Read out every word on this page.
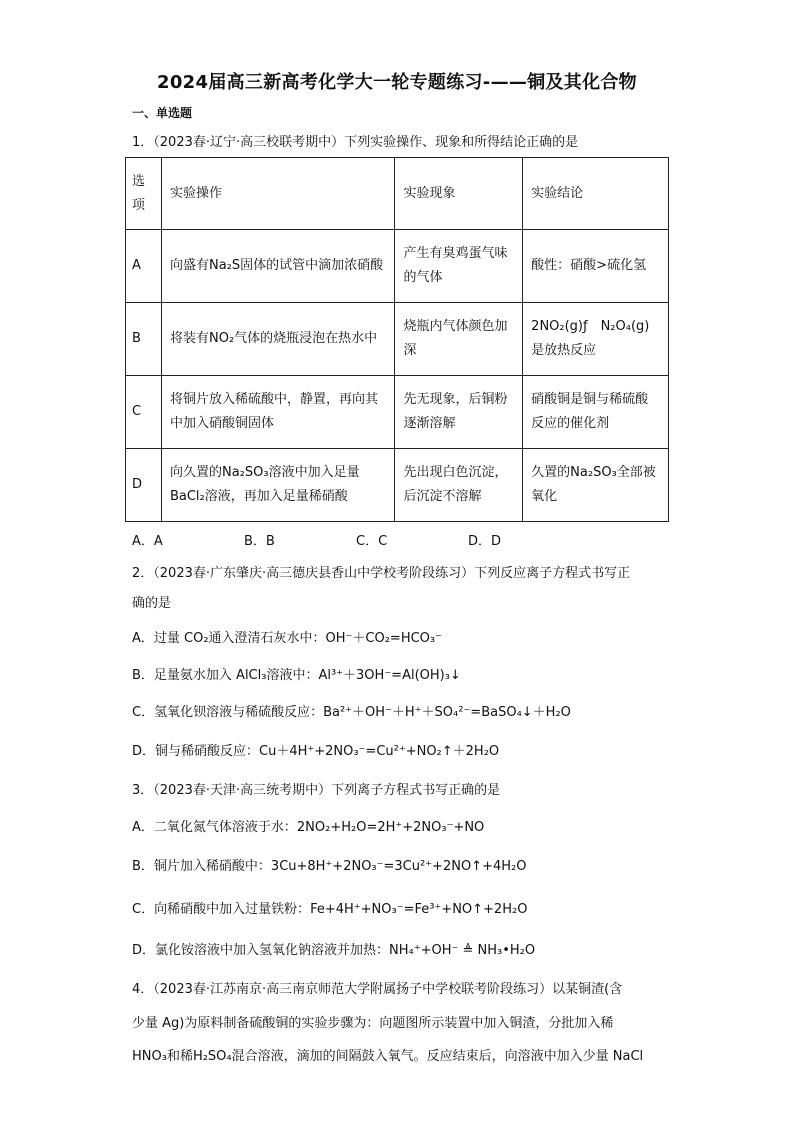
2024届高三新高考化学大一轮专题练习-——铜及其化合物
一、单选题
1．（2023春·辽宁·高三校联考期中）下列实验操作、现象和所得结论正确的是
选项	实验操作	实验现象	实验结论
A	向盛有Na₂S固体的试管中滴加浓硝酸	产生有臭鸡蛋气味的气体	酸性：硝酸>硫化氢
B	将装有NO₂气体的烧瓶浸泡在热水中	烧瓶内气体颜色加深	2NO₂(g)ƒ　N₂O₄(g)是放热反应
C	将铜片放入稀硫酸中，静置，再向其中加入硝酸铜固体	先无现象，后铜粉逐渐溶解	硝酸铜是铜与稀硫酸反应的催化剂
D	向久置的Na₂SO₃溶液中加入足量BaCl₂溶液，再加入足量稀硝酸	先出现白色沉淀，后沉淀不溶解	久置的Na₂SO₃全部被氧化
A．A	B．B	C．C	D．D
2．（2023春·广东肇庆·高三德庆县香山中学校考阶段练习）下列反应离子方程式书写正
确的是
A．过量 CO₂通入澄清石灰水中：OH⁻＋CO₂=HCO₃⁻
B．足量氨水加入 AlCl₃溶液中：Al³⁺＋3OH⁻=Al(OH)₃↓
C．氢氧化钡溶液与稀硫酸反应：Ba²⁺＋OH⁻＋H⁺＋SO₄²⁻=BaSO₄↓＋H₂O
D．铜与稀硝酸反应：Cu＋4H⁺+2NO₃⁻=Cu²⁺+NO₂↑＋2H₂O
3．（2023春·天津·高三统考期中）下列离子方程式书写正确的是
A．二氧化氮气体溶液于水：2NO₂+H₂O=2H⁺+2NO₃⁻+NO
B．铜片加入稀硝酸中：3Cu+8H⁺+2NO₃⁻=3Cu²⁺+2NO↑+4H₂O
C．向稀硝酸中加入过量铁粉：Fe+4H⁺+NO₃⁻=Fe³⁺+NO↑+2H₂O
D．氯化铵溶液中加入氢氧化钠溶液并加热：NH₄⁺+OH⁻ ≜ NH₃•H₂O
4．（2023春·江苏南京·高三南京师范大学附属扬子中学校联考阶段练习）以某铜渣(含
少量 Ag)为原料制备硫酸铜的实验步骤为：向题图所示装置中加入铜渣，分批加入稀
HNO₃和稀H₂SO₄混合溶液，滴加的间隔鼓入氧气。反应结束后，向溶液中加入少量 NaCl
